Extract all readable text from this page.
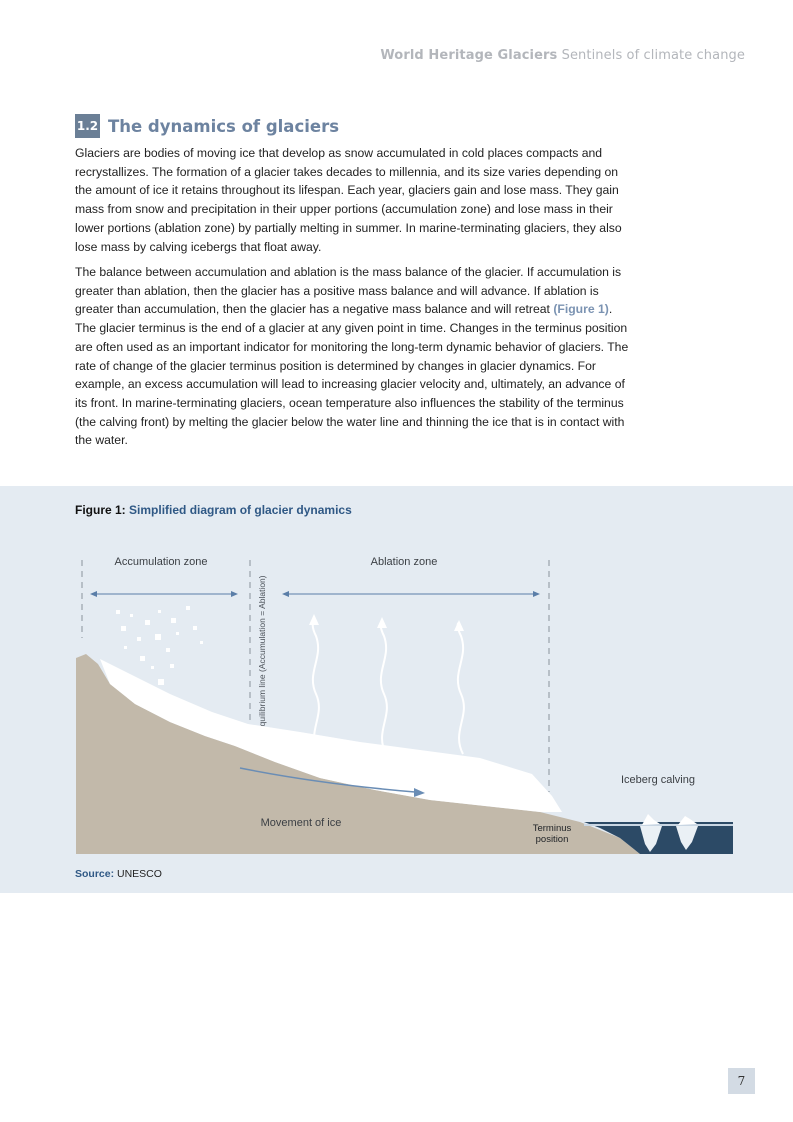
World Heritage Glaciers Sentinels of climate change
1.2 The dynamics of glaciers

Glaciers are bodies of moving ice that develop as snow accumulated in cold places compacts and recrystallizes. The formation of a glacier takes decades to millennia, and its size varies depending on the amount of ice it retains throughout its lifespan. Each year, glaciers gain and lose mass. They gain mass from snow and precipitation in their upper portions (accumulation zone) and lose mass in their lower portions (ablation zone) by partially melting in summer. In marine-terminating glaciers, they also lose mass by calving icebergs that float away.

The balance between accumulation and ablation is the mass balance of the glacier. If accumulation is greater than ablation, then the glacier has a positive mass balance and will advance. If ablation is greater than accumulation, then the glacier has a negative mass balance and will retreat (Figure 1). The glacier terminus is the end of a glacier at any given point in time. Changes in the terminus position are often used as an important indicator for monitoring the long-term dynamic behavior of glaciers. The rate of change of the glacier terminus position is determined by changes in glacier dynamics. For example, an excess accumulation will lead to increasing glacier velocity and, ultimately, an advance of its front. In marine-terminating glaciers, ocean temperature also influences the stability of the terminus (the calving front) by melting the glacier below the water line and thinning the ice that is in contact with the water.

Figure 1: Simplified diagram of glacier dynamics
Accumulation zone	Ablation zone
Equilibrium line (Accumulation = Ablation)
Movement of ice
Iceberg calving
Terminus
position
Source: UNESCO
7
